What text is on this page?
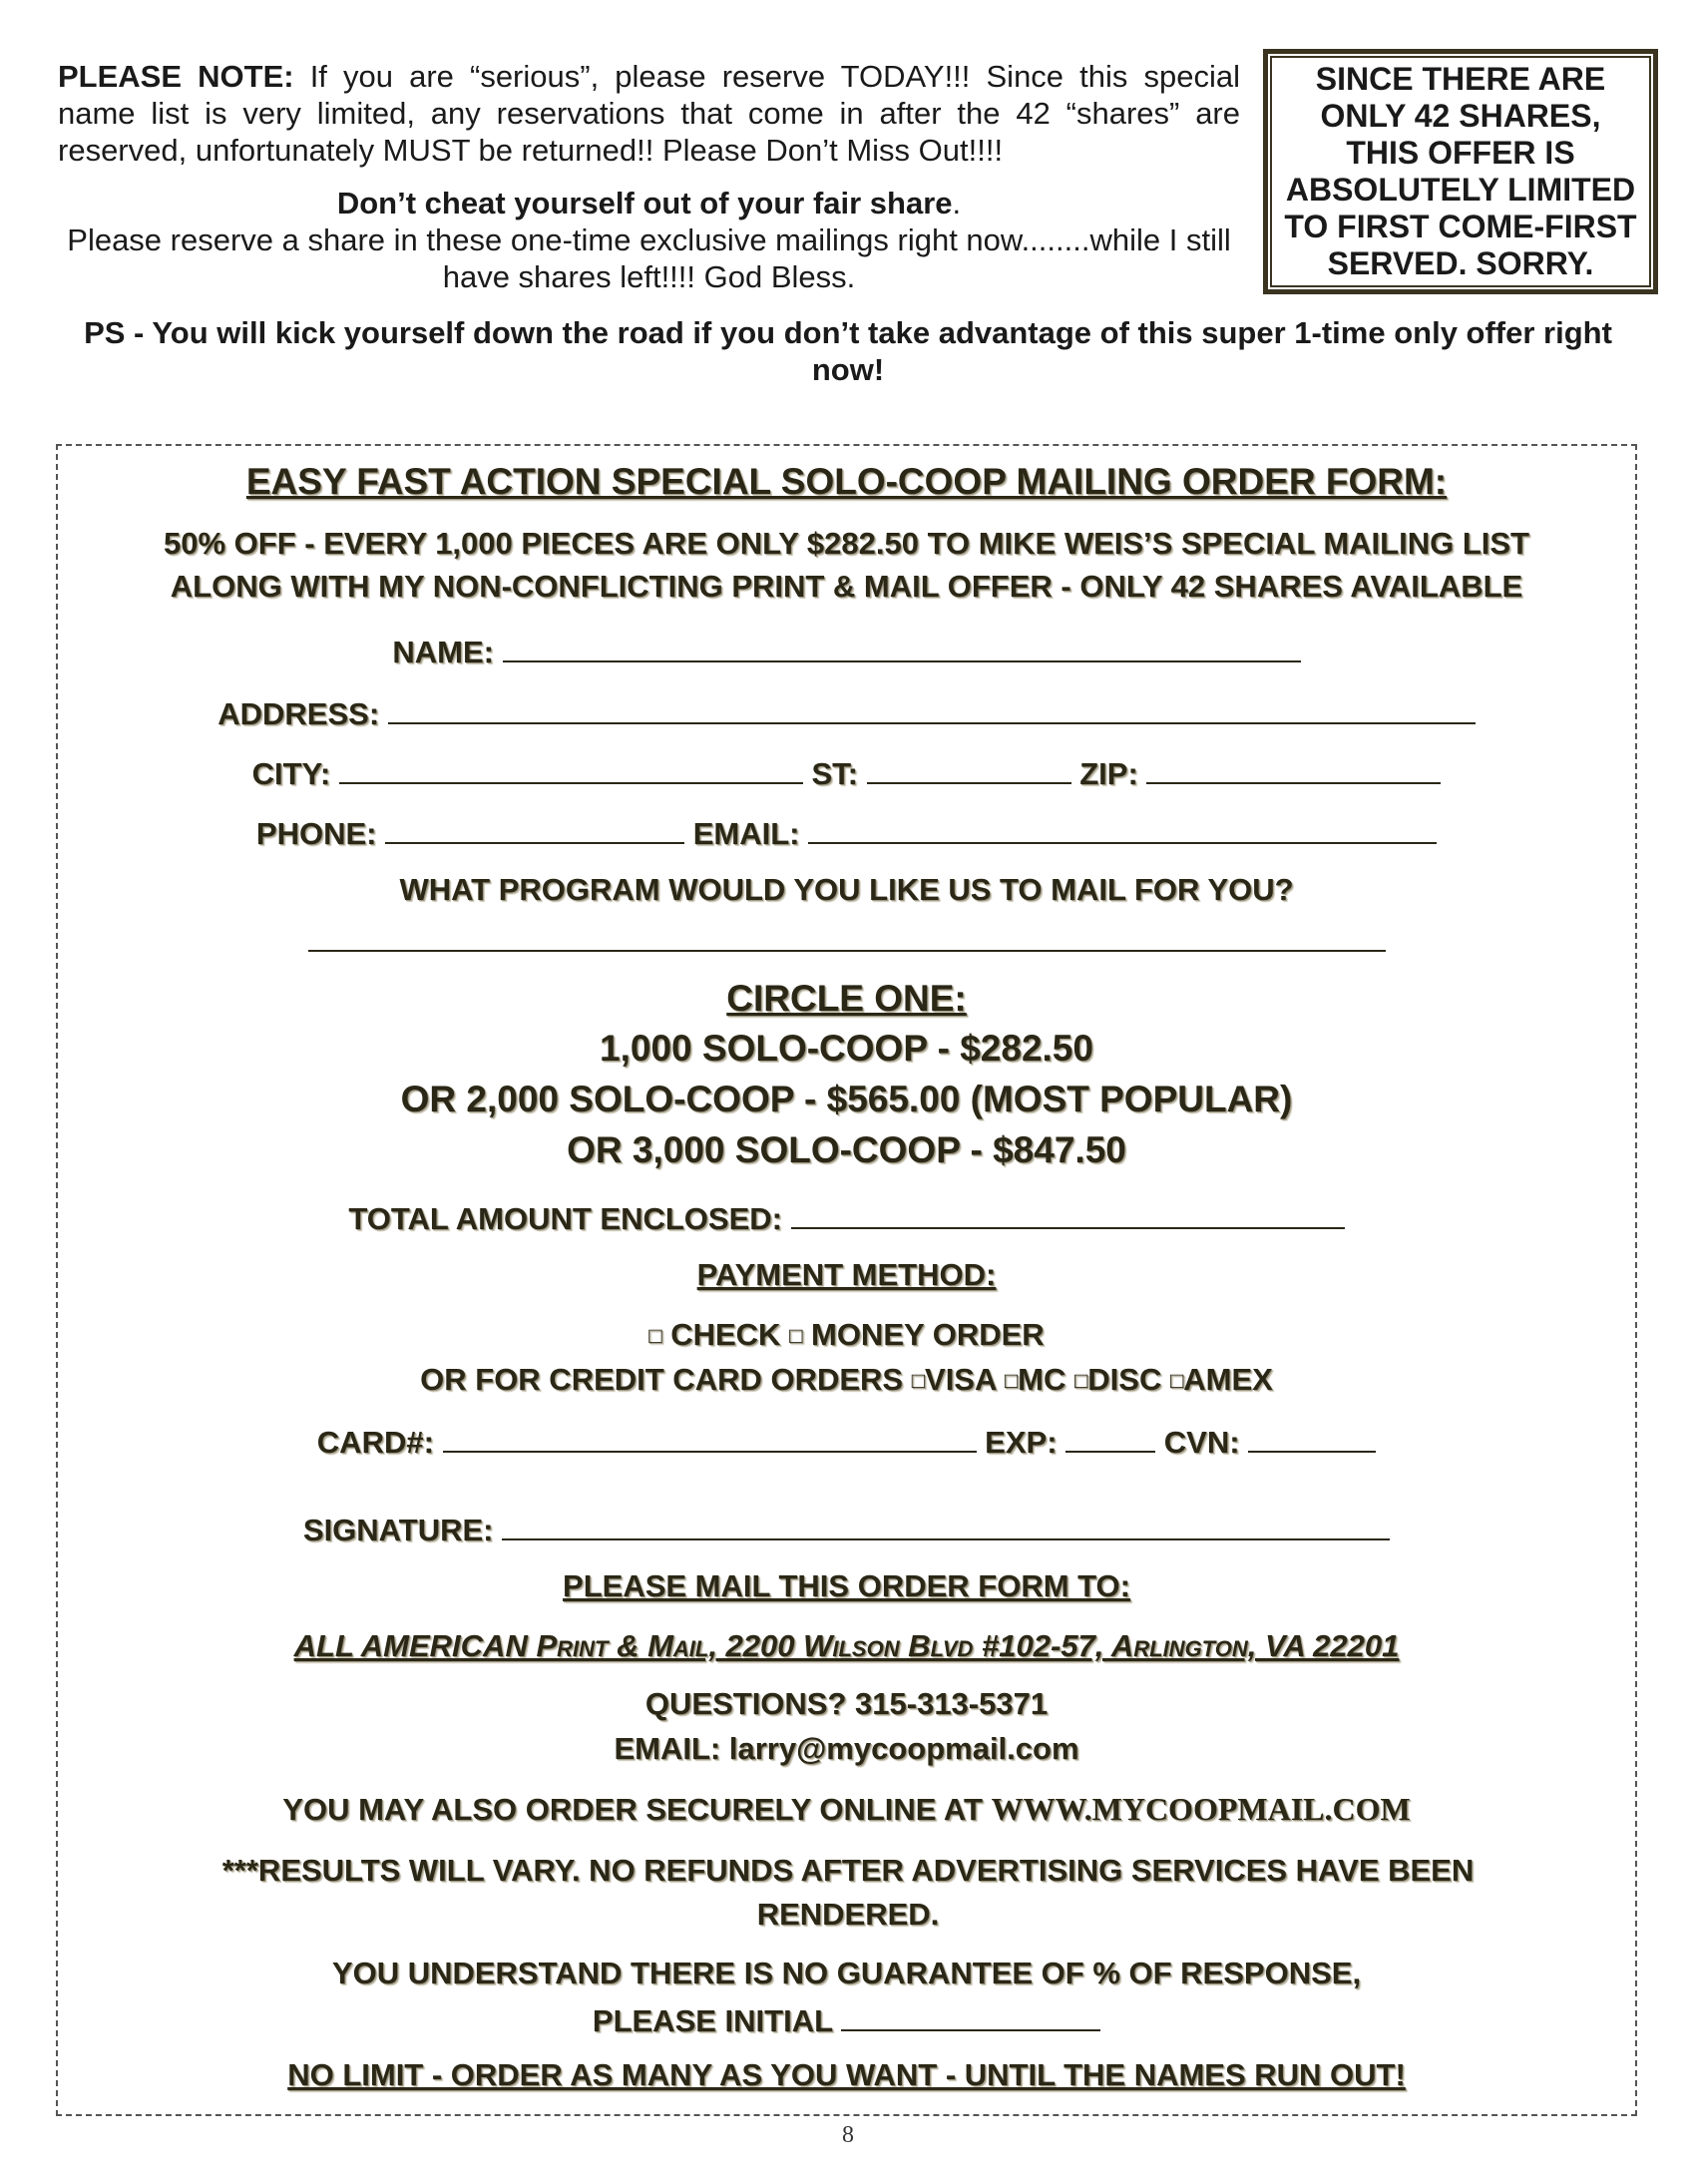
PLEASE NOTE: If you are “serious”, please reserve TODAY!!! Since this special name list is very limited, any reservations that come in after the 42 “shares” are reserved, unfortunately MUST be returned!! Please Don’t Miss Out!!!!
Don’t cheat yourself out of your fair share.
Please reserve a share in these one-time exclusive mailings right now........while I still have shares left!!!! God Bless.
PS - You will kick yourself down the road if you don’t take advantage of this super 1-time only offer right now!
SINCE THERE ARE
ONLY 42 SHARES,
THIS OFFER IS
ABSOLUTELY LIMITED
TO FIRST COME-FIRST
SERVED. SORRY.
EASY FAST ACTION SPECIAL SOLO-COOP MAILING ORDER FORM:
50% OFF - EVERY 1,000 PIECES ARE ONLY $282.50 TO MIKE WEIS’S SPECIAL MAILING LIST
ALONG WITH MY NON-CONFLICTING PRINT & MAIL OFFER - ONLY 42 SHARES AVAILABLE
NAME:
ADDRESS:
CITY:	ST:	ZIP:
PHONE:	EMAIL:
WHAT PROGRAM WOULD YOU LIKE US TO MAIL FOR YOU?
CIRCLE ONE:
1,000 SOLO-COOP - $282.50
OR 2,000 SOLO-COOP - $565.00 (MOST POPULAR)
OR 3,000 SOLO-COOP - $847.50
TOTAL AMOUNT ENCLOSED:
PAYMENT METHOD:
□ CHECK □ MONEY ORDER
OR FOR CREDIT CARD ORDERS □VISA □MC □DISC □AMEX
CARD#:	EXP:	CVN:
SIGNATURE:
PLEASE MAIL THIS ORDER FORM TO:
ALL AMERICAN Print & Mail, 2200 Wilson Blvd #102-57, Arlington, VA 22201
QUESTIONS? 315-313-5371
EMAIL: larry@mycoopmail.com
YOU MAY ALSO ORDER SECURELY ONLINE AT WWW.MYCOOPMAIL.COM
***RESULTS WILL VARY. NO REFUNDS AFTER ADVERTISING SERVICES HAVE BEEN RENDERED.
YOU UNDERSTAND THERE IS NO GUARANTEE OF % OF RESPONSE,
PLEASE INITIAL
NO LIMIT - ORDER AS MANY AS YOU WANT - UNTIL THE NAMES RUN OUT!
8
